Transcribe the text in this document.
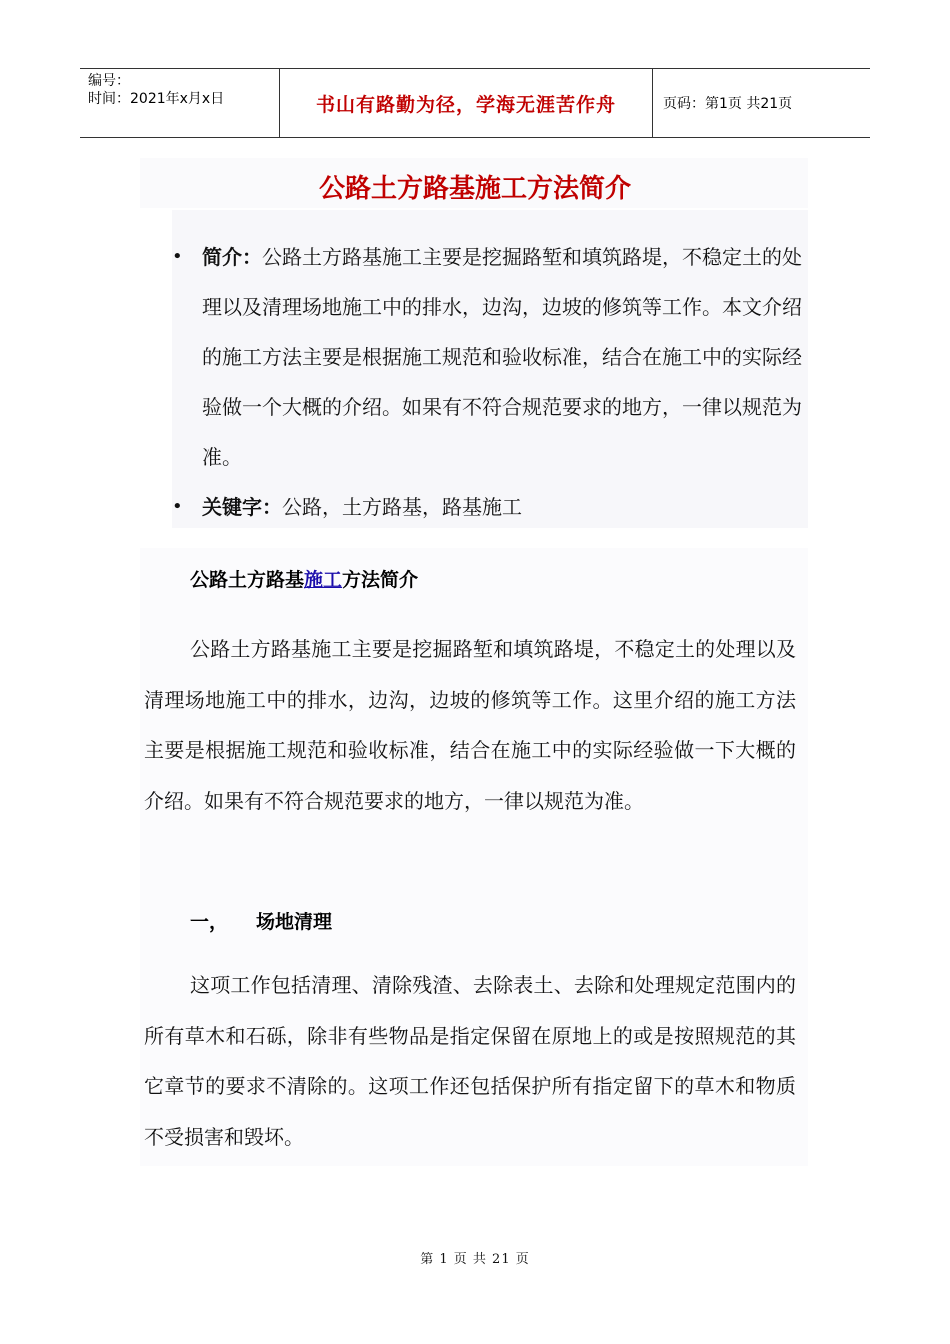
编号：
时间：2021年x月x日	书山有路勤为径，学海无涯苦作舟	页码：第1页 共21页
公路土方路基施工方法简介
• 简介：公路土方路基施工主要是挖掘路堑和填筑路堤，不稳定土的处理以及清理场地施工中的排水，边沟，边坡的修筑等工作。本文介绍的施工方法主要是根据施工规范和验收标准，结合在施工中的实际经验做一个大概的介绍。如果有不符合规范要求的地方，一律以规范为准。
• 关键字：公路，土方路基，路基施工
公路土方路基施工方法简介
公路土方路基施工主要是挖掘路堑和填筑路堤，不稳定土的处理以及清理场地施工中的排水，边沟，边坡的修筑等工作。这里介绍的施工方法主要是根据施工规范和验收标准，结合在施工中的实际经验做一下大概的介绍。如果有不符合规范要求的地方，一律以规范为准。
一， 场地清理
这项工作包括清理、清除残渣、去除表土、去除和处理规定范围内的所有草木和石砾，除非有些物品是指定保留在原地上的或是按照规范的其它章节的要求不清除的。这项工作还包括保护所有指定留下的草木和物质不受损害和毁坏。
第 1 页 共 21 页
